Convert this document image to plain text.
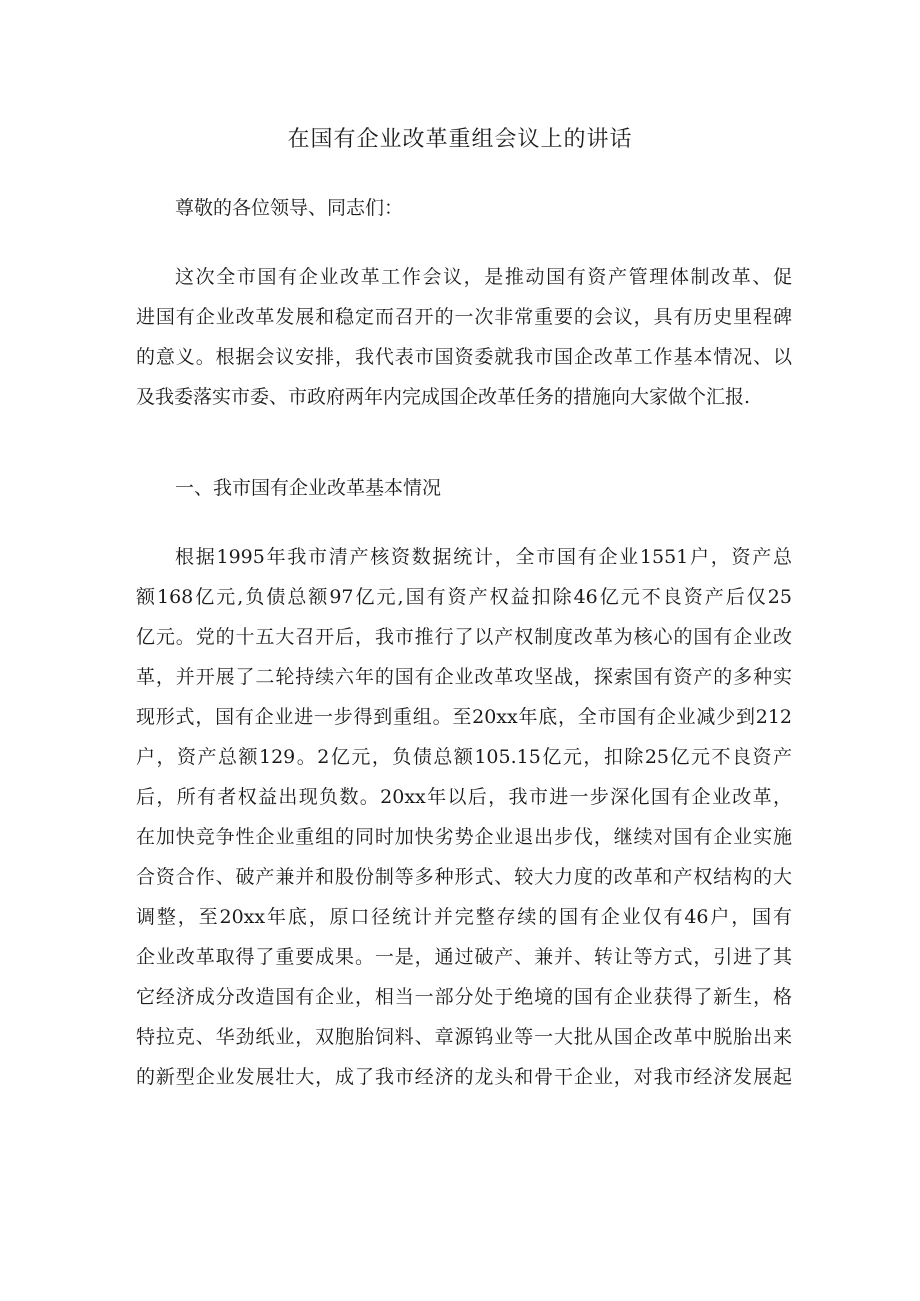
在国有企业改革重组会议上的讲话

尊敬的各位领导、同志们：

这次全市国有企业改革工作会议，是推动国有资产管理体制改革、促

进国有企业改革发展和稳定而召开的一次非常重要的会议，具有历史里程碑

的意义。根据会议安排，我代表市国资委就我市国企改革工作基本情况、以

及我委落实市委、市政府两年内完成国企改革任务的措施向大家做个汇报.

一、我市国有企业改革基本情况

根据1995年我市清产核资数据统计，全市国有企业1551户，资产总

额168亿元,负债总额97亿元,国有资产权益扣除46亿元不良资产后仅25

亿元。党的十五大召开后，我市推行了以产权制度改革为核心的国有企业改

革，并开展了二轮持续六年的国有企业改革攻坚战，探索国有资产的多种实

现形式，国有企业进一步得到重组。至20xx年底，全市国有企业减少到212

户，资产总额129。2亿元，负债总额105.15亿元，扣除25亿元不良资产

后，所有者权益出现负数。20xx年以后，我市进一步深化国有企业改革，

在加快竞争性企业重组的同时加快劣势企业退出步伐，继续对国有企业实施

合资合作、破产兼并和股份制等多种形式、较大力度的改革和产权结构的大

调整，至20xx年底，原口径统计并完整存续的国有企业仅有46户，国有

企业改革取得了重要成果。一是，通过破产、兼并、转让等方式，引进了其

它经济成分改造国有企业，相当一部分处于绝境的国有企业获得了新生，格

特拉克、华劲纸业，双胞胎饲料、章源钨业等一大批从国企改革中脱胎出来

的新型企业发展壮大，成了我市经济的龙头和骨干企业，对我市经济发展起
